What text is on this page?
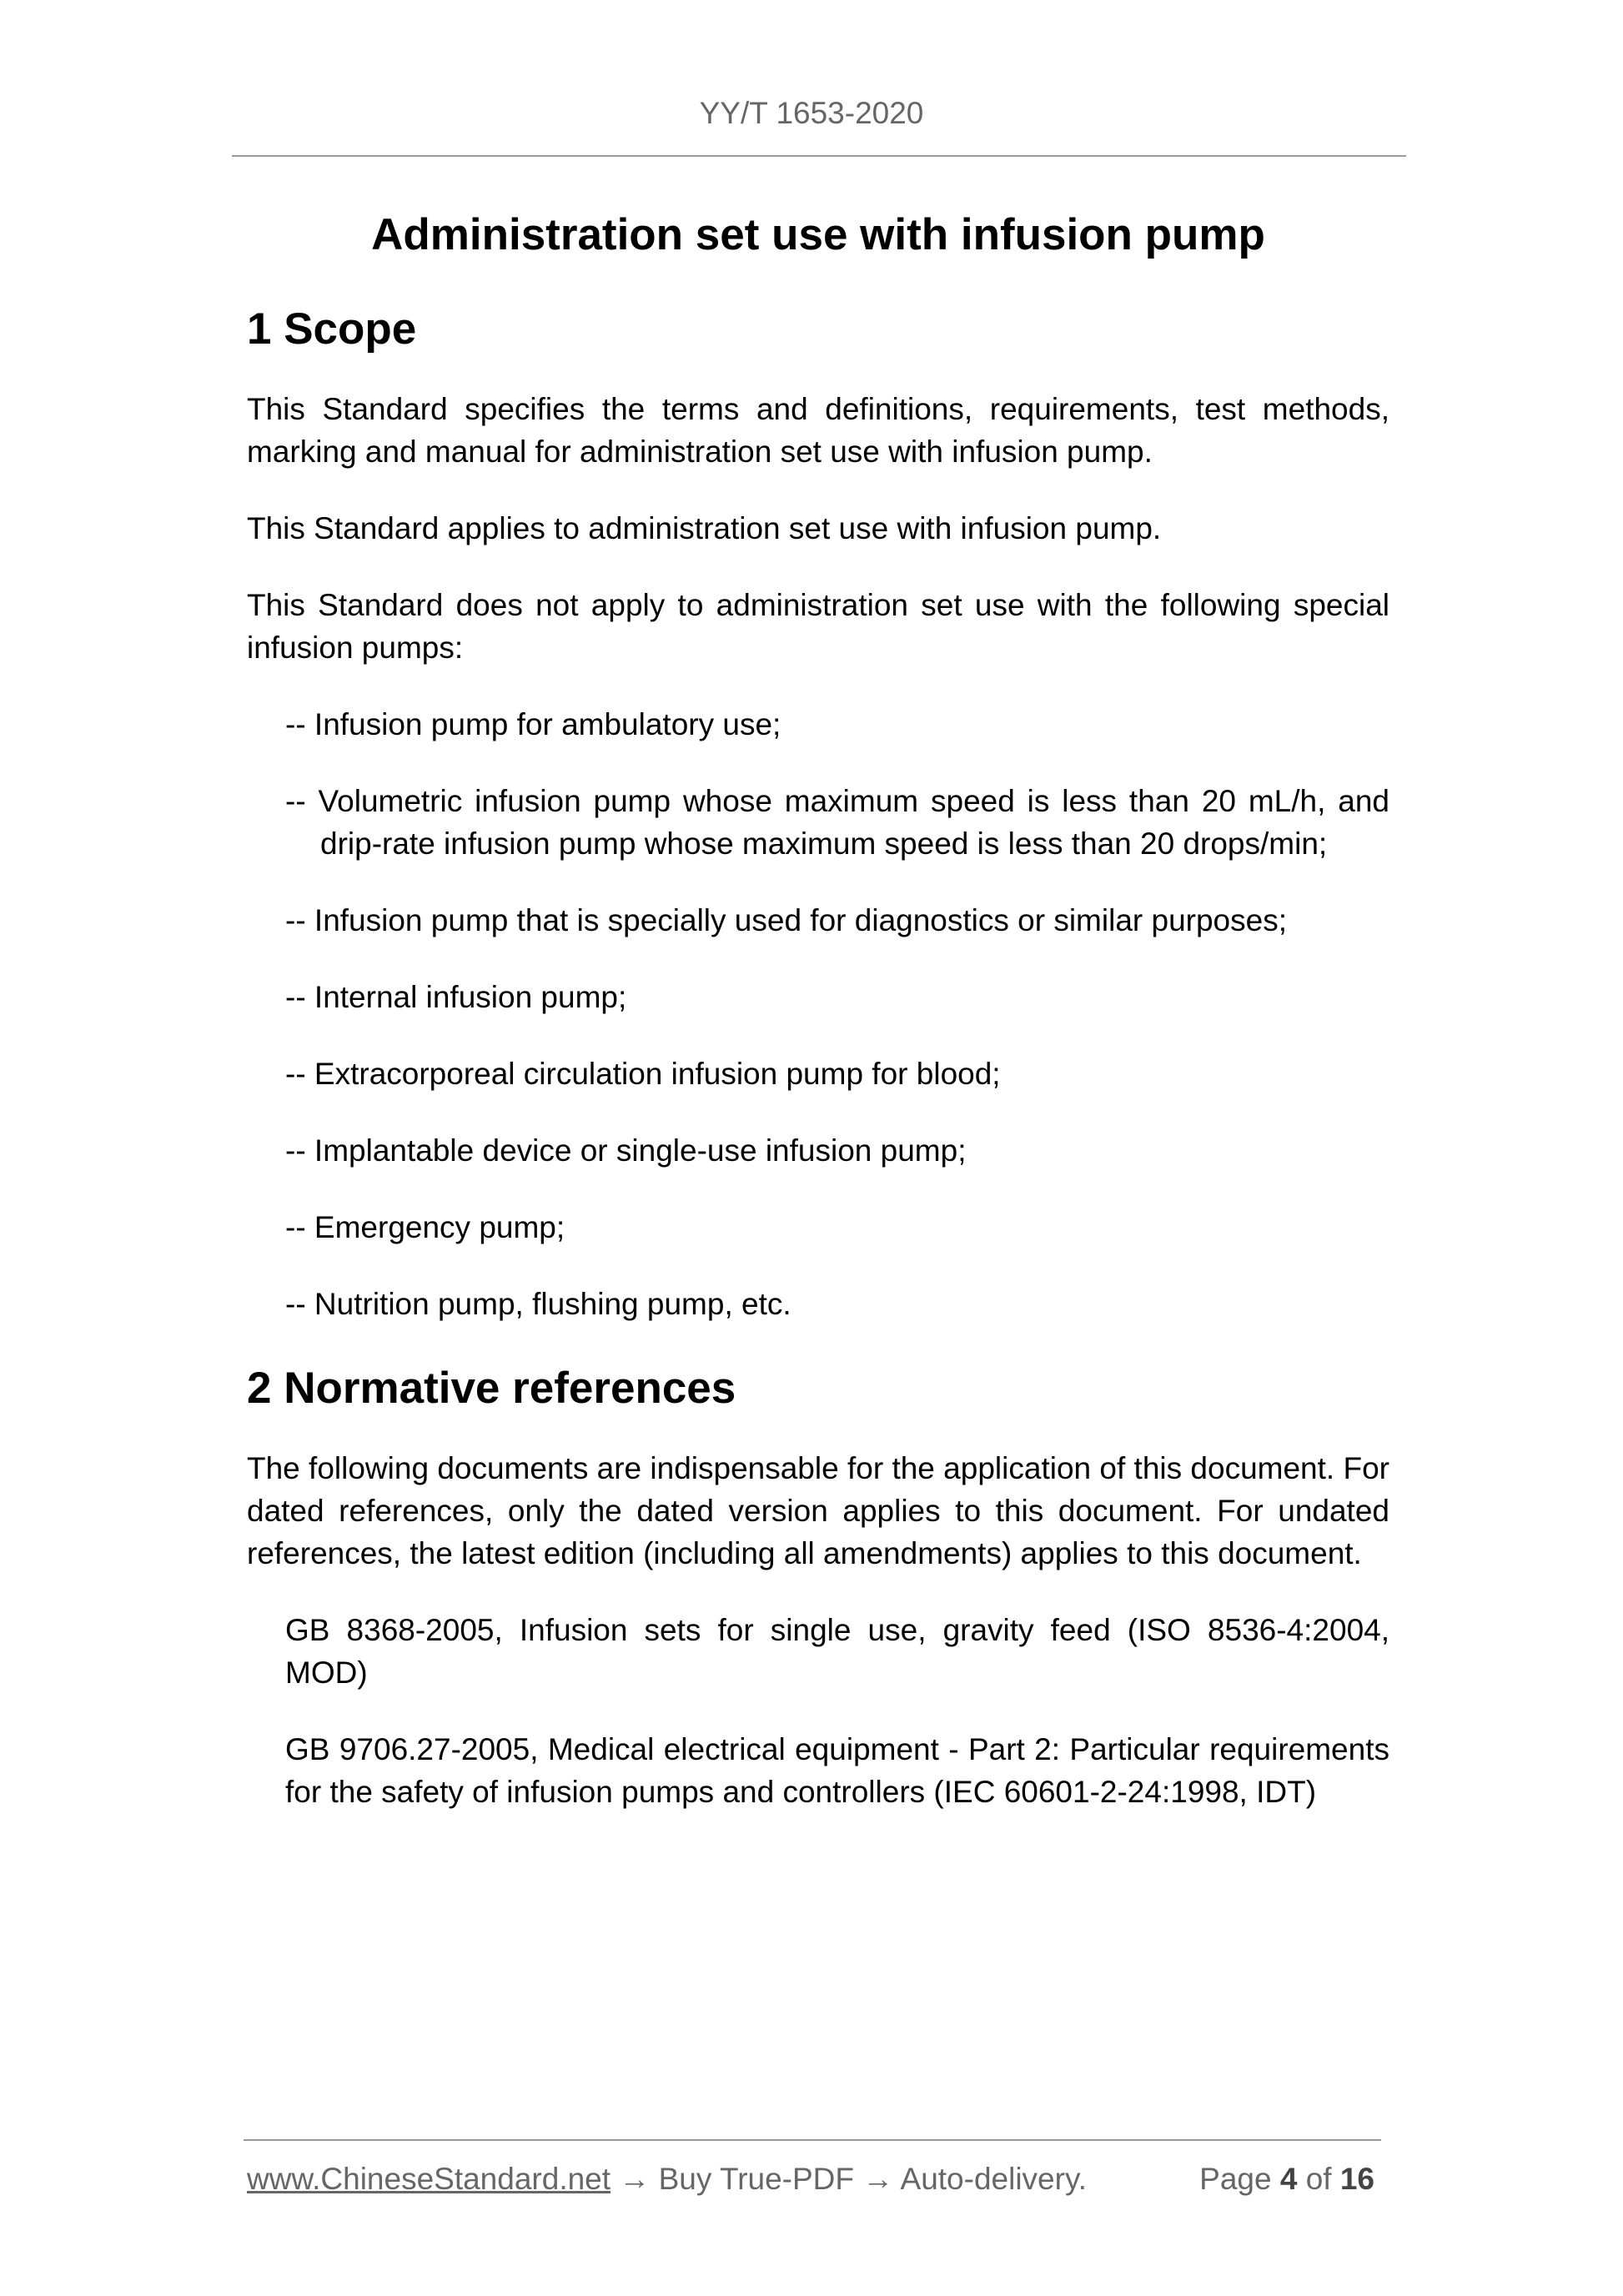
YY/T 1653-2020
Administration set use with infusion pump
1 Scope

This Standard specifies the terms and definitions, requirements, test methods, marking and manual for administration set use with infusion pump.

This Standard applies to administration set use with infusion pump.

This Standard does not apply to administration set use with the following special infusion pumps:

-- Infusion pump for ambulatory use;
-- Volumetric infusion pump whose maximum speed is less than 20 mL/h, and drip-rate infusion pump whose maximum speed is less than 20 drops/min;
-- Infusion pump that is specially used for diagnostics or similar purposes;
-- Internal infusion pump;
-- Extracorporeal circulation infusion pump for blood;
-- Implantable device or single-use infusion pump;
-- Emergency pump;
-- Nutrition pump, flushing pump, etc.
2 Normative references

The following documents are indispensable for the application of this document. For dated references, only the dated version applies to this document. For undated references, the latest edition (including all amendments) applies to this document.

GB 8368-2005, Infusion sets for single use, gravity feed (ISO 8536-4:2004, MOD)

GB 9706.27-2005, Medical electrical equipment - Part 2: Particular requirements for the safety of infusion pumps and controllers (IEC 60601-2-24:1998, IDT)

www.ChineseStandard.net → Buy True-PDF → Auto-delivery.	Page 4 of 16
